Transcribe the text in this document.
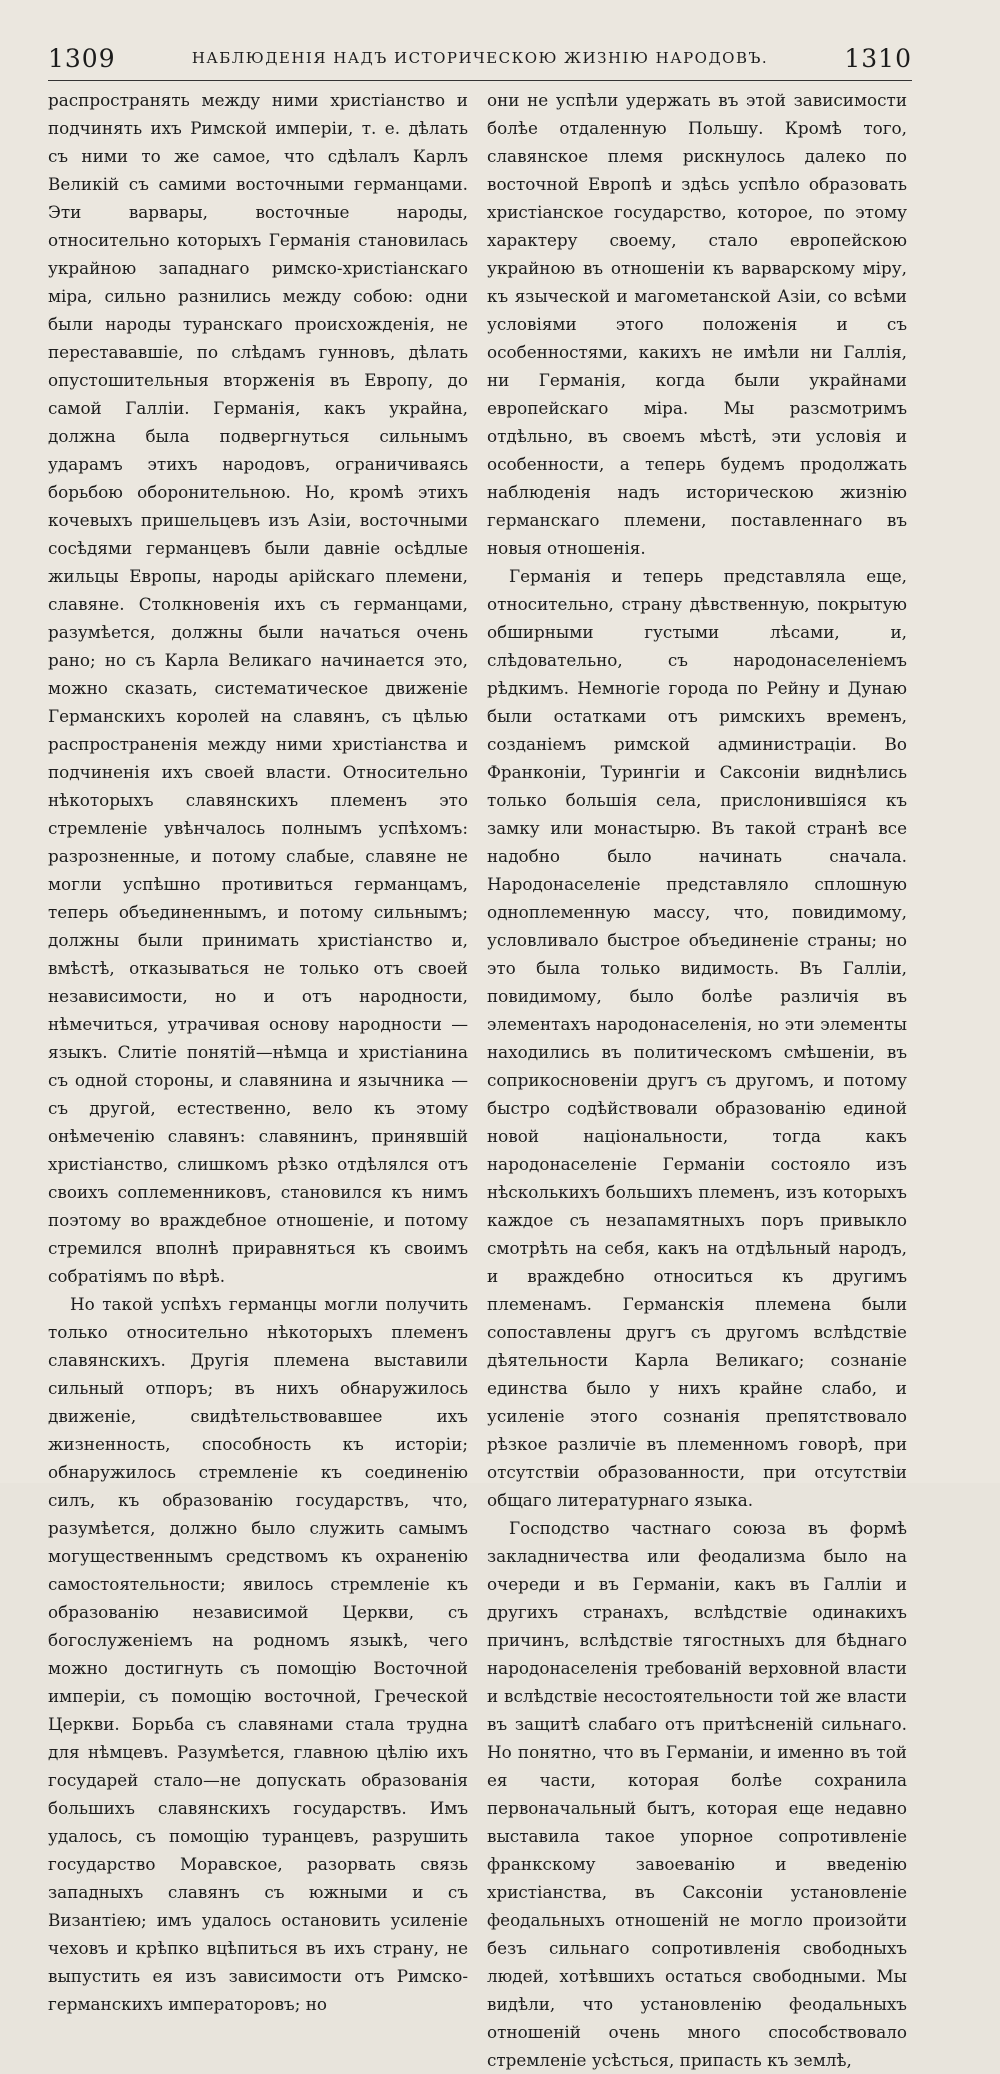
1309	НАБЛЮДЕНІЯ НАДЪ ИСТОРИЧЕСКОЮ ЖИЗНІЮ НАРОДОВЪ.	1310

распространять между ними христіанство и подчинять ихъ Римской имперіи, т. е. дѣлать съ ними то же самое, что сдѣлалъ Карлъ Великій съ самими восточными германцами. Эти варвары, восточные народы, относительно которыхъ Германія становилась украйною западнаго римско-христіанскаго міра, сильно разнились между собою: одни были народы туранскаго происхожденія, не перестававшіе, по слѣдамъ гунновъ, дѣлать опустошительныя вторженія въ Европу, до самой Галліи. Германія, какъ украйна, должна была подвергнуться сильнымъ ударамъ этихъ народовъ, ограничиваясь борьбою оборонительною. Но, кромѣ этихъ кочевыхъ пришельцевъ изъ Азіи, восточными сосѣдями германцевъ были давніе осѣдлые жильцы Европы, народы арійскаго племени, славяне. Столкновенія ихъ съ германцами, разумѣется, должны были начаться очень рано; но съ Карла Великаго начинается это, можно сказать, систематическое движеніе Германскихъ королей на славянъ, съ цѣлью распространенія между ними христіанства и подчиненія ихъ своей власти. Относительно нѣкоторыхъ славянскихъ племенъ это стремленіе увѣнчалось полнымъ успѣхомъ: разрозненные, и потому слабые, славяне не могли успѣшно противиться германцамъ, теперь объединеннымъ, и потому сильнымъ; должны были принимать христіанство и, вмѣстѣ, отказываться не только отъ своей независимости, но и отъ народности, нѣмечиться, утрачивая основу народности — языкъ. Слитіе понятій—нѣмца и христіанина съ одной стороны, и славянина и язычника — съ другой, естественно, вело къ этому онѣмеченію славянъ: славянинъ, принявшій христіанство, слишкомъ рѣзко отдѣлялся отъ своихъ соплеменниковъ, становился къ нимъ поэтому во враждебное отношеніе, и потому стремился вполнѣ приравняться къ своимъ собратіямъ по вѣрѣ.

Но такой успѣхъ германцы могли получить только относительно нѣкоторыхъ племенъ славянскихъ. Другія племена выставили сильный отпоръ; въ нихъ обнаружилось движеніе, свидѣтельствовавшее ихъ жизненность, способность къ исторіи; обнаружилось стремленіе къ соединенію силъ, къ образованію государствъ, что, разумѣется, должно было служить самымъ могущественнымъ средствомъ къ охраненію самостоятельности; явилось стремленіе къ образованію независимой Церкви, съ богослуженіемъ на родномъ языкѣ, чего можно достигнуть съ помощію Восточной имперіи, съ помощію восточной, Греческой Церкви. Борьба съ славянами стала трудна для нѣмцевъ. Разумѣется, главною цѣлію ихъ государей стало—не допускать образованія большихъ славянскихъ государствъ. Имъ удалось, съ помощію туранцевъ, разрушить государство Моравское, разорвать связь западныхъ славянъ съ южными и съ Византіею; имъ удалось остановить усиленіе чеховъ и крѣпко вцѣпиться въ ихъ страну, не выпустить ея изъ зависимости отъ Римско-германскихъ императоровъ; но

они не успѣли удержать въ этой зависимости болѣе отдаленную Польшу. Кромѣ того, славянское племя рискнулось далеко по восточной Европѣ и здѣсь успѣло образовать христіанское государство, которое, по этому характеру своему, стало европейскою украйною въ отношеніи къ варварскому міру, къ языческой и магометанской Азіи, со всѣми условіями этого положенія и съ особенностями, какихъ не имѣли ни Галлія, ни Германія, когда были украйнами европейскаго міра. Мы разсмотримъ отдѣльно, въ своемъ мѣстѣ, эти условія и особенности, а теперь будемъ продолжать наблюденія надъ историческою жизнію германскаго племени, поставленнаго въ новыя отношенія.

Германія и теперь представляла еще, относительно, страну дѣвственную, покрытую обширными густыми лѣсами, и, слѣдовательно, съ народонаселеніемъ рѣдкимъ. Немногіе города по Рейну и Дунаю были остатками отъ римскихъ временъ, созданіемъ римской администраціи. Во Франконіи, Турингіи и Саксоніи виднѣлись только большія села, прислонившіяся къ замку или монастырю. Въ такой странѣ все надобно было начинать сначала. Народонаселеніе представляло сплошную одноплеменную массу, что, повидимому, условливало быстрое объединеніе страны; но это была только видимость. Въ Галліи, повидимому, было болѣе различія въ элементахъ народонаселенія, но эти элементы находились въ политическомъ смѣшеніи, въ соприкосновеніи другъ съ другомъ, и потому быстро содѣйствовали образованію единой новой національности, тогда какъ народонаселеніе Германіи состояло изъ нѣсколькихъ большихъ племенъ, изъ которыхъ каждое съ незапамятныхъ поръ привыкло смотрѣть на себя, какъ на отдѣльный народъ, и враждебно относиться къ другимъ племенамъ. Германскія племена были сопоставлены другъ съ другомъ вслѣдствіе дѣятельности Карла Великаго; сознаніе единства было у нихъ крайне слабо, и усиленіе этого сознанія препятствовало рѣзкое различіе въ племенномъ говорѣ, при отсутствіи образованности, при отсутствіи общаго литературнаго языка.

Господство частнаго союза въ формѣ закладничества или феодализма было на очереди и въ Германіи, какъ въ Галліи и другихъ странахъ, вслѣдствіе одинакихъ причинъ, вслѣдствіе тягостныхъ для бѣднаго народонаселенія требованій верховной власти и вслѣдствіе несостоятельности той же власти въ защитѣ слабаго отъ притѣсненій сильнаго. Но понятно, что въ Германіи, и именно въ той ея части, которая болѣе сохранила первоначальный бытъ, которая еще недавно выставила такое упорное сопротивленіе франкскому завоеванію и введенію христіанства, въ Саксоніи установленіе феодальныхъ отношеній не могло произойти безъ сильнаго сопротивленія свободныхъ людей, хотѣвшихъ остаться свободными. Мы видѣли, что установленію феодальныхъ отношеній очень много способствовало стремленіе усѣсться, припасть къ землѣ,
